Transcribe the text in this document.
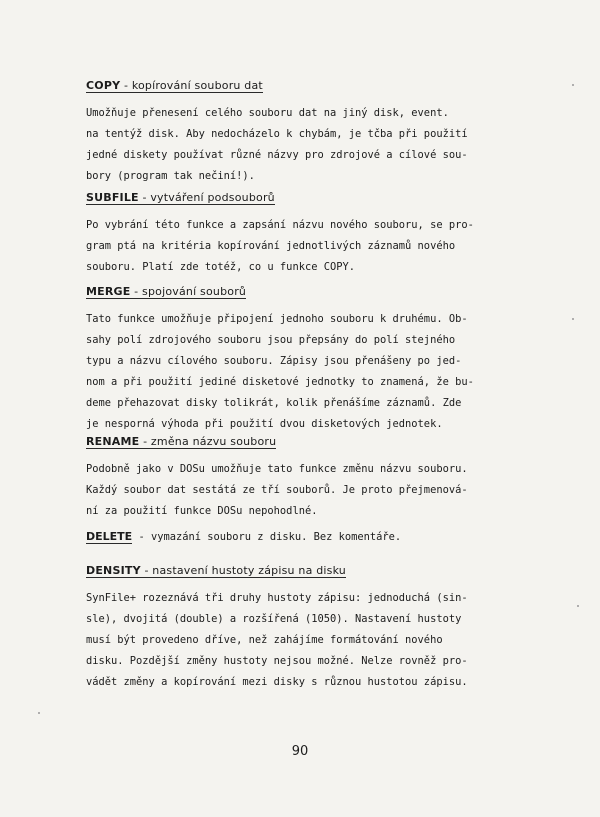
COPY - kopírování souboru dat
Umožňuje přenesení celého souboru dat na jiný disk, event.
na tentýž disk. Aby nedocházelo k chybám, je tčba při použití
jedné diskety používat různé názvy pro zdrojové a cílové sou-
bory (program tak nečiní!).
SUBFILE - vytváření podsouborů
Po vybrání této funkce a zapsání názvu nového souboru, se pro-
gram ptá na kritéria kopírování jednotlivých záznamů nového
souboru. Platí zde totéž, co u funkce COPY.
MERGE - spojování souborů
Tato funkce umožňuje připojení jednoho souboru k druhému. Ob-
sahy polí zdrojového souboru jsou přepsány do polí stejného
typu a názvu cílového souboru. Zápisy jsou přenášeny po jed-
nom a při použití jediné disketové jednotky to znamená, že bu-
deme přehazovat disky tolikrát, kolik přenášíme záznamů. Zde
je nesporná výhoda při použití dvou disketových jednotek.
RENAME - změna názvu souboru
Podobně jako v DOSu umožňuje tato funkce změnu názvu souboru.
Každý soubor dat sestátá ze tří souborů. Je proto přejmenová-
ní za použití funkce DOSu nepohodlné.
DELETE - vymazání souboru z disku. Bez komentáře.
DENSITY - nastavení hustoty zápisu na disku
SynFile+ rozeznává tři druhy hustoty zápisu: jednoduchá (sin-
sle), dvojitá (double) a rozšířená (1050). Nastavení hustoty
musí být provedeno dříve, než zahájíme formátování nového
disku. Pozdější změny hustoty nejsou možné. Nelze rovněž pro-
vádět změny a kopírování mezi disky s různou hustotou zápisu.
90
